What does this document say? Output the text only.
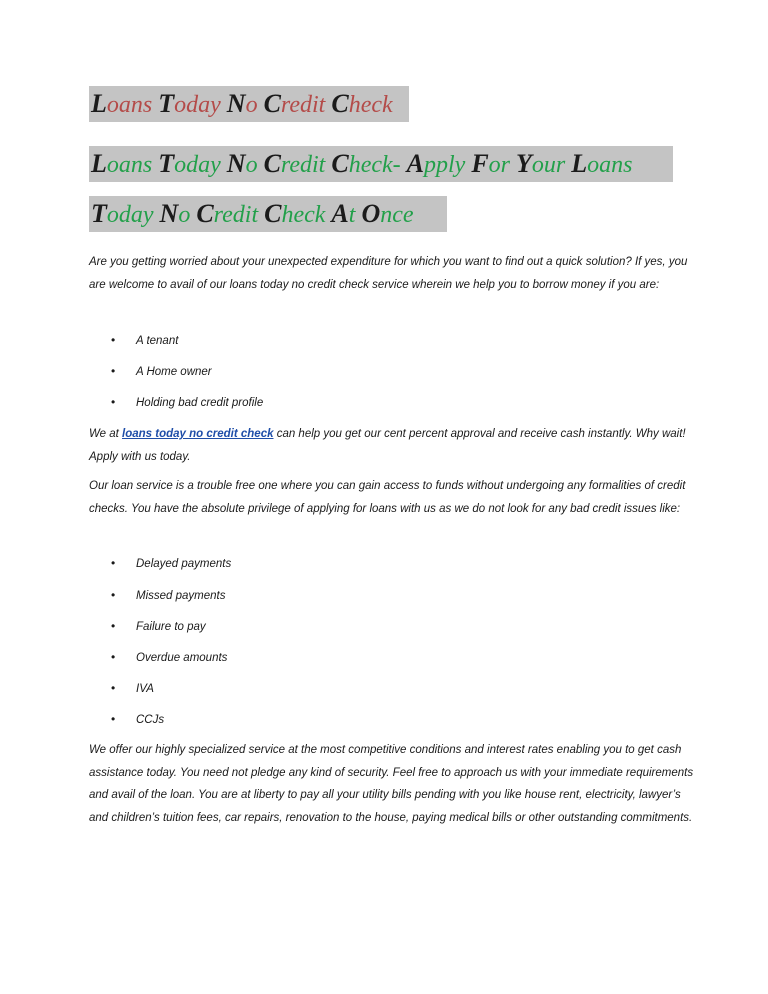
Loans Today No Credit Check
Loans Today No Credit Check- Apply For Your Loans
Today No Credit Check At Once

Are you getting worried about your unexpected expenditure for which you want to find out a quick solution? If yes, you are welcome to avail of our loans today no credit check service wherein we help you to borrow money if you are:

• A tenant
• A Home owner
• Holding bad credit profile

We at loans today no credit check can help you get our cent percent approval and receive cash instantly. Why wait! Apply with us today.

Our loan service is a trouble free one where you can gain access to funds without undergoing any formalities of credit checks. You have the absolute privilege of applying for loans with us as we do not look for any bad credit issues like:

• Delayed payments
• Missed payments
• Failure to pay
• Overdue amounts
• IVA
• CCJs

We offer our highly specialized service at the most competitive conditions and interest rates enabling you to get cash assistance today. You need not pledge any kind of security. Feel free to approach us with your immediate requirements and avail of the loan. You are at liberty to pay all your utility bills pending with you like house rent, electricity, lawyer’s and children’s tuition fees, car repairs, renovation to the house, paying medical bills or other outstanding commitments.
